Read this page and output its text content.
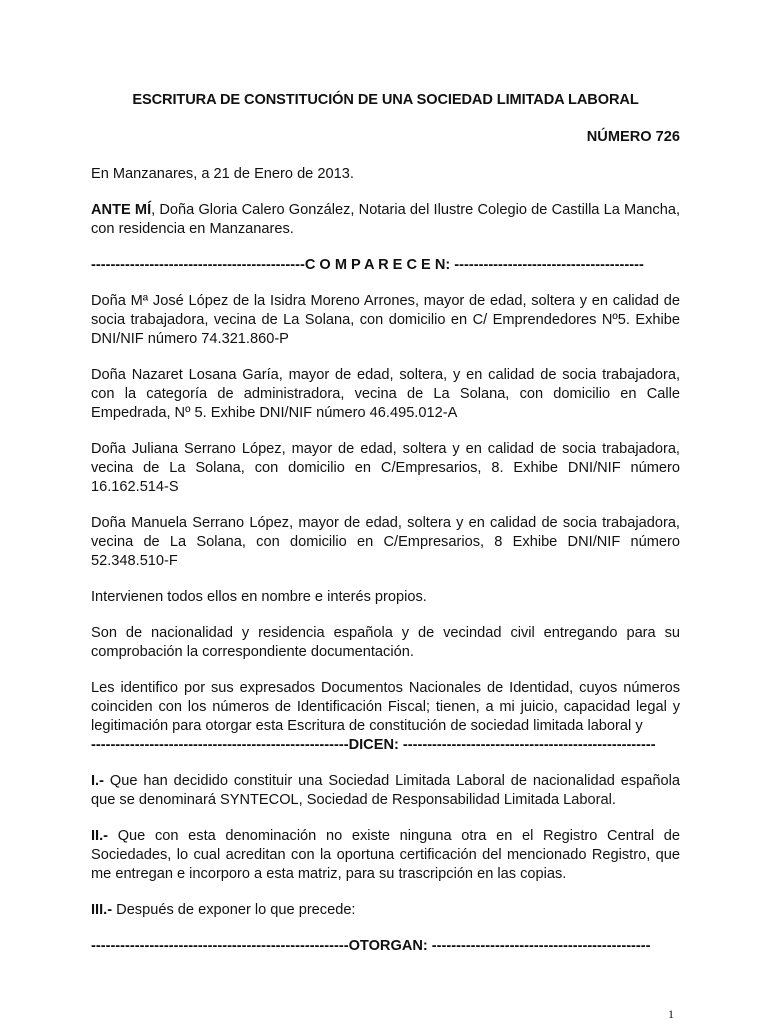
ESCRITURA DE CONSTITUCIÓN DE UNA SOCIEDAD LIMITADA LABORAL
NÚMERO 726

En Manzanares, a 21 de Enero de 2013.

ANTE MÍ, Doña Gloria Calero González, Notaria del Ilustre Colegio de Castilla La Mancha, con residencia en Manzanares.

--------------------------------------------C O M P A R E C E N: ---------------------------------------

Doña Mª José López de la Isidra Moreno Arrones, mayor de edad, soltera y en calidad de socia trabajadora, vecina de La Solana, con domicilio en C/ Emprendedores Nº5. Exhibe DNI/NIF número 74.321.860-P

Doña Nazaret Losana Garía, mayor de edad, soltera, y en calidad de socia trabajadora, con la categoría de administradora, vecina de La Solana, con domicilio en Calle Empedrada, Nº 5. Exhibe DNI/NIF número 46.495.012-A

Doña Juliana Serrano López, mayor de edad, soltera y en calidad de socia trabajadora, vecina de La Solana, con domicilio en C/Empresarios, 8. Exhibe DNI/NIF número 16.162.514-S

Doña Manuela Serrano López, mayor de edad, soltera y en calidad de socia trabajadora, vecina de La Solana, con domicilio en C/Empresarios, 8 Exhibe DNI/NIF número 52.348.510-F

Intervienen todos ellos en nombre e interés propios.

Son de nacionalidad y residencia española y de vecindad civil entregando para su comprobación la correspondiente documentación.

Les identifico por sus expresados Documentos Nacionales de Identidad, cuyos números coinciden con los números de Identificación Fiscal; tienen, a mi juicio, capacidad legal y legitimación para otorgar esta Escritura de constitución de sociedad limitada laboral y

-----------------------------------------------------DICEN: ----------------------------------------------------

I.- Que han decidido constituir una Sociedad Limitada Laboral de nacionalidad española que se denominará SYNTECOL, Sociedad de Responsabilidad Limitada Laboral.

II.- Que con esta denominación no existe ninguna otra en el Registro Central de Sociedades, lo cual acreditan con la oportuna certificación del mencionado Registro, que me entregan e incorporo a esta matriz, para su trascripción en las copias.

III.- Después de exponer lo que precede:

-----------------------------------------------------OTORGAN: ---------------------------------------------
1
